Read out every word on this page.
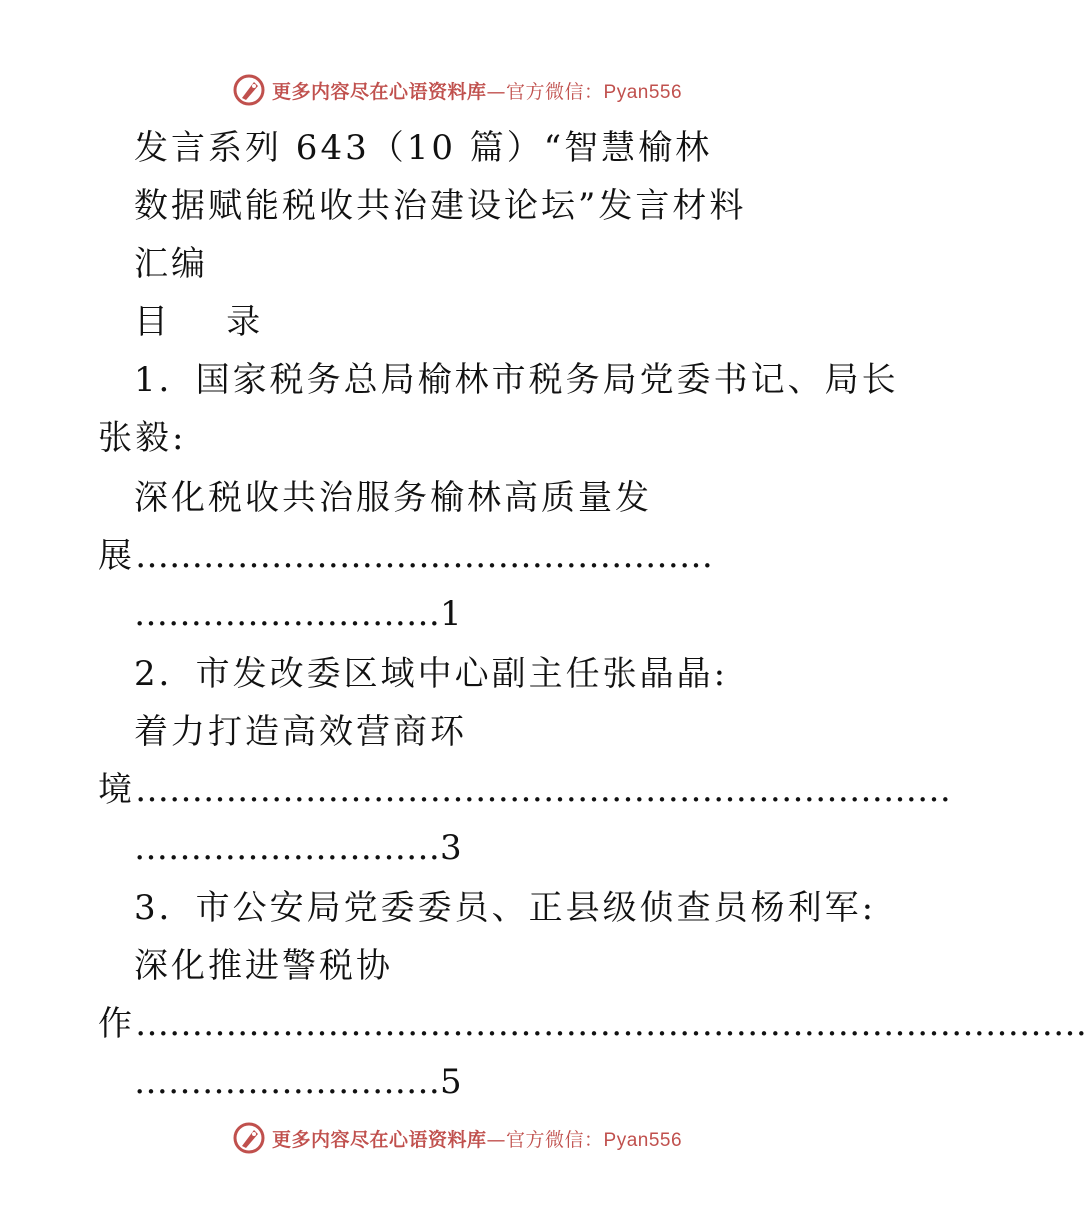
更多内容尽在心语资料库—官方微信：Pyan556
发言系列 643（10 篇）“智慧榆林
数据赋能税收共治建设论坛”发言材料
汇编
目    录
1．国家税务总局榆林市税务局党委书记、局长
张毅:
深化税收共治服务榆林高质量发
展……………………………………………
………………………1
2．市发改委区域中心副主任张晶晶:
着力打造高效营商环
境………………………………………………………………
………………………3
3．市公安局党委委员、正县级侦查员杨利军:
深化推进警税协
作…………………………………………………………………………
………………………5
更多内容尽在心语资料库—官方微信：Pyan556
